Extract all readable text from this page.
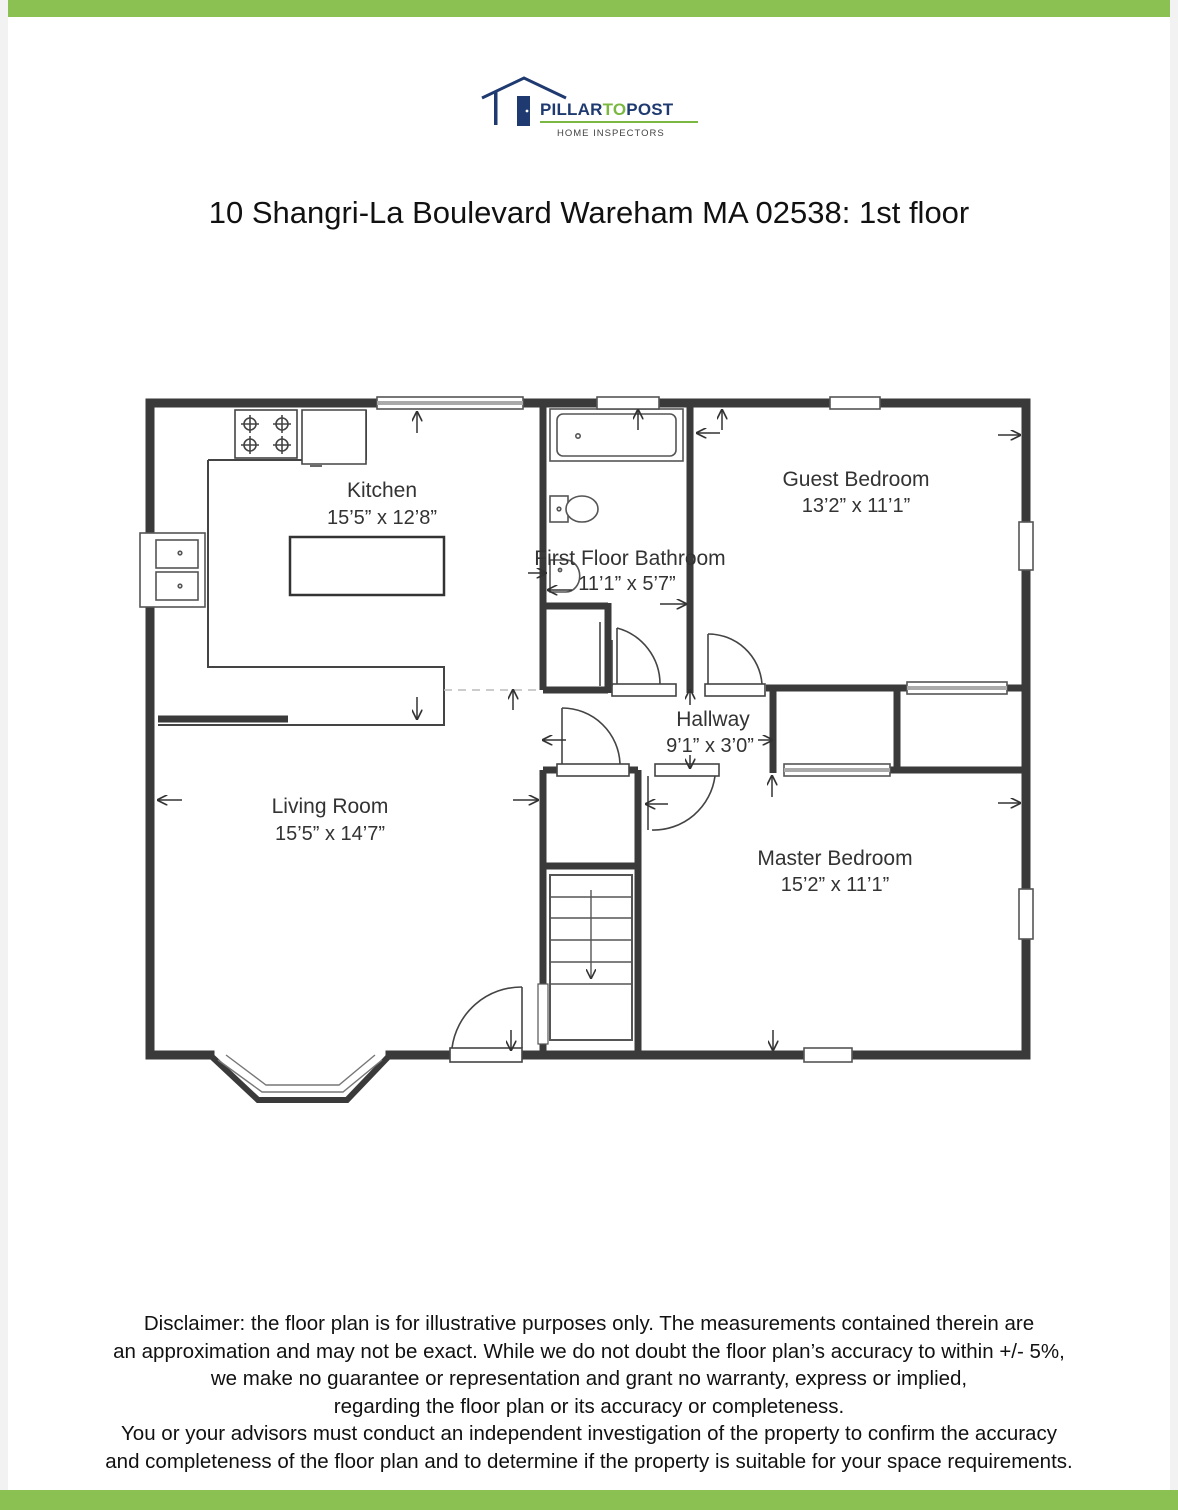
PILLARTOPOST
HOME INSPECTORS
10 Shangri-La Boulevard Wareham MA 02538: 1st floor
Kitchen
15’5” x 12’8”
First Floor Bathroom
11’1” x 5’7”
Guest Bedroom
13’2” x 11’1”
Hallway
9’1” x 3’0”
Living Room
15’5” x 14’7”
Master Bedroom
15’2” x 11’1”
Disclaimer: the floor plan is for illustrative purposes only. The measurements contained therein are
an approximation and may not be exact. While we do not doubt the floor plan’s accuracy to within +/- 5%,
we make no guarantee or representation and grant no warranty, express or implied,
regarding the floor plan or its accuracy or completeness.
You or your advisors must conduct an independent investigation of the property to confirm the accuracy
and completeness of the floor plan and to determine if the property is suitable for your space requirements.
